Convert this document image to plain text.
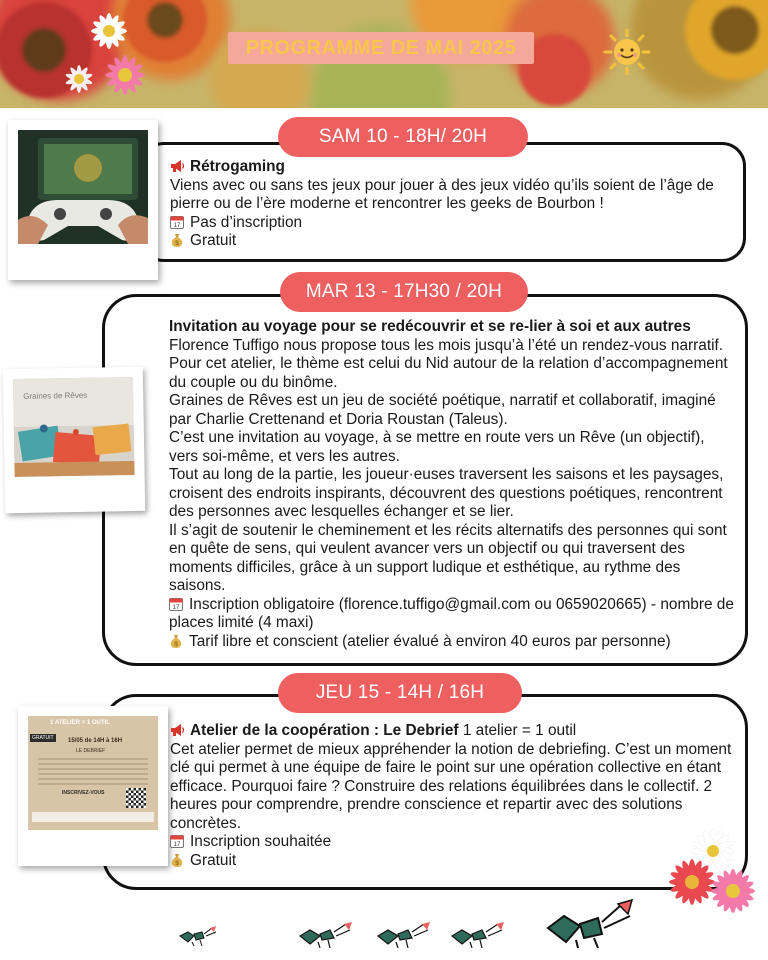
PROGRAMME DE MAI 2025
SAM 10 - 18H/ 20H

Rétrogaming

Viens avec ou sans tes jeux pour jouer à des jeux vidéo qu’ils soient de l’âge de pierre ou de l’ère moderne et rencontrer les geeks de Bourbon !

17 Pas d’inscription

$ Gratuit

Graines de Rêves
MAR 13 - 17H30 / 20H

Invitation au voyage pour se redécouvrir et se re-lier à soi et aux autres

Florence Tuffigo nous propose tous les mois jusqu’à l’été un rendez-vous narratif. Pour cet atelier, le thème est celui du Nid autour de la relation d’accompagnement du couple ou du binôme.

Graines de Rêves est un jeu de société poétique, narratif et collaboratif, imaginé par Charlie Crettenand et Doria Roustan (Taleus).

C’est une invitation au voyage, à se mettre en route vers un Rêve (un objectif), vers soi-même, et vers les autres.

Tout au long de la partie, les joueur·euses traversent les saisons et les paysages, croisent des endroits inspirants, découvrent des questions poétiques, rencontrent des personnes avec lesquelles échanger et se lier.

Il s’agit de soutenir le cheminement et les récits alternatifs des personnes qui sont en quête de sens, qui veulent avancer vers un objectif ou qui traversent des moments difficiles, grâce à un support ludique et esthétique, au rythme des saisons.

17 Inscription obligatoire (florence.tuffigo@gmail.com ou 0659020665) - nombre de places limité (4 maxi)

$ Tarif libre et conscient (atelier évalué à environ 40 euros par personne)

1 ATELIER = 1 OUTIL
GRATUIT	15/05 de 14H à 16H
LE DEBRIEF
INSCRIVEZ-VOUS
JEU 15 - 14H / 16H

Atelier de la coopération : Le Debrief 1 atelier = 1 outil

Cet atelier permet de mieux appréhender la notion de debriefing. C’est un moment clé qui permet à une équipe de faire le point sur une opération collective en étant efficace. Pourquoi faire ? Construire des relations équilibrées dans le collectif. 2 heures pour comprendre, prendre conscience et repartir avec des solutions concrètes.

17 Inscription souhaitée

$ Gratuit
